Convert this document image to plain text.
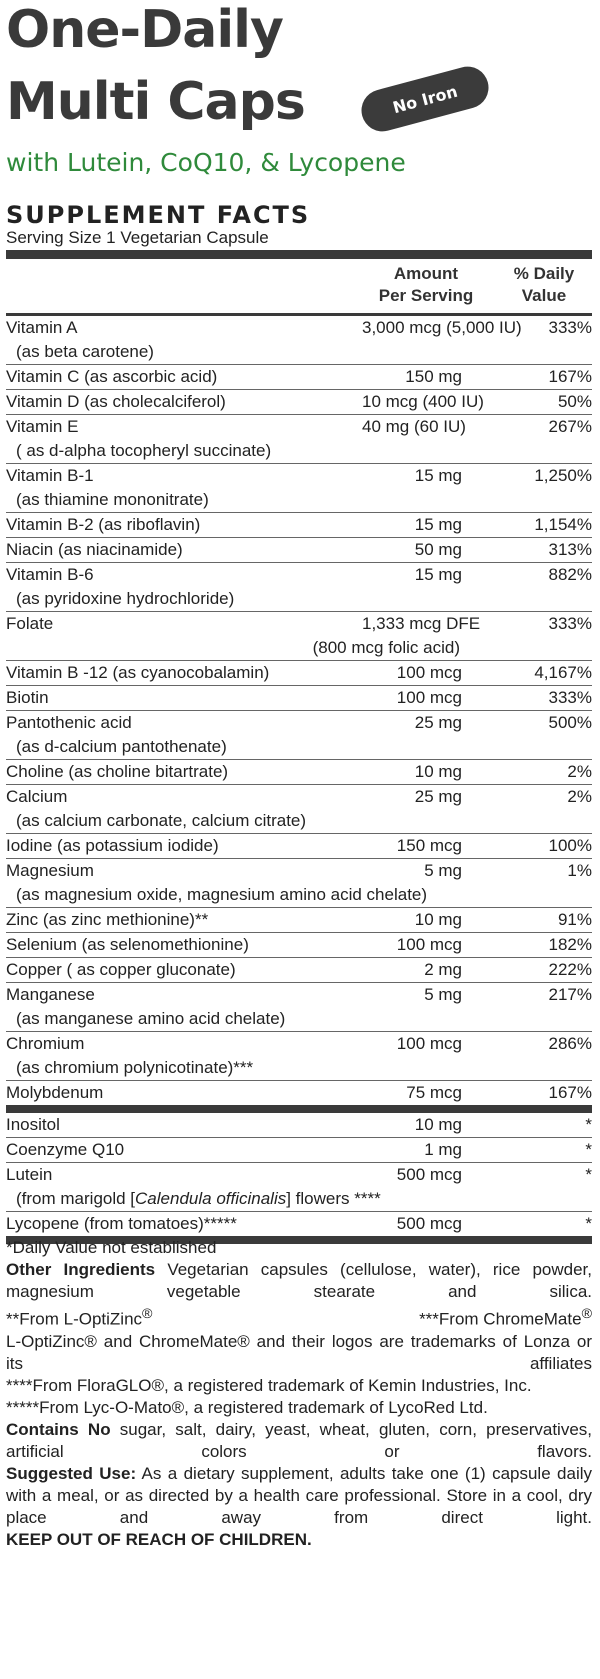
One-Daily
Multi Caps	No Iron
with Lutein, CoQ10, & Lycopene
SUPPLEMENT FACTS
Serving Size 1 Vegetarian Capsule
Amount
Per Serving
% Daily
Value
Vitamin A	3,000 mcg (5,000 IU)	333%
(as beta carotene)		
Vitamin C (as ascorbic acid)	150 mg	167%
Vitamin D (as cholecalciferol)	10 mcg (400 IU)	50%
Vitamin E	40 mg (60 IU)	267%
( as d-alpha tocopheryl succinate)		
Vitamin B-1	15 mg	1,250%
(as thiamine mononitrate)		
Vitamin B-2 (as riboflavin)	15 mg	1,154%
Niacin (as niacinamide)	50 mg	313%
Vitamin B-6	15 mg	882%
(as pyridoxine hydrochloride)		
Folate	1,333 mcg DFE	333%
(800 mcg folic acid)		
Vitamin B -12 (as cyanocobalamin)	100 mcg	4,167%
Biotin	100 mcg	333%
Pantothenic acid	25 mg	500%
(as d-calcium pantothenate)		
Choline (as choline bitartrate)	10 mg	2%
Calcium	25 mg	2%
(as calcium carbonate, calcium citrate)		
Iodine (as potassium iodide)	150 mcg	100%
Magnesium	5 mg	1%
(as magnesium oxide, magnesium amino acid chelate)		
Zinc (as zinc methionine)**	10 mg	91%
Selenium (as selenomethionine)	100 mcg	182%
Copper ( as copper gluconate)	2 mg	222%
Manganese	5 mg	217%
(as manganese amino acid chelate)		
Chromium	100 mcg	286%
(as chromium polynicotinate)***		
Molybdenum	75 mcg	167%
Inositol	10 mg	*
Coenzyme Q10	1 mg	*
Lutein	500 mcg	*
(from marigold [Calendula officinalis] flowers ****		
Lycopene (from tomatoes)*****	500 mcg	*

*Daily Value not established
Other Ingredients Vegetarian capsules (cellulose, water), rice powder, magnesium vegetable stearate and silica.
**From L-OptiZinc®	***From ChromeMate®
L-OptiZinc® and ChromeMate® and their logos are trademarks of Lonza or its affiliates
****From FloraGLO®, a registered trademark of Kemin Industries, Inc.
*****From Lyc-O-Mato®, a registered trademark of LycoRed Ltd.
Contains No sugar, salt, dairy, yeast, wheat, gluten, corn, preservatives, artificial colors or flavors.
Suggested Use: As a dietary supplement, adults take one (1) capsule daily with a meal, or as directed by a health care professional. Store in a cool, dry place and away from direct light.
KEEP OUT OF REACH OF CHILDREN.
